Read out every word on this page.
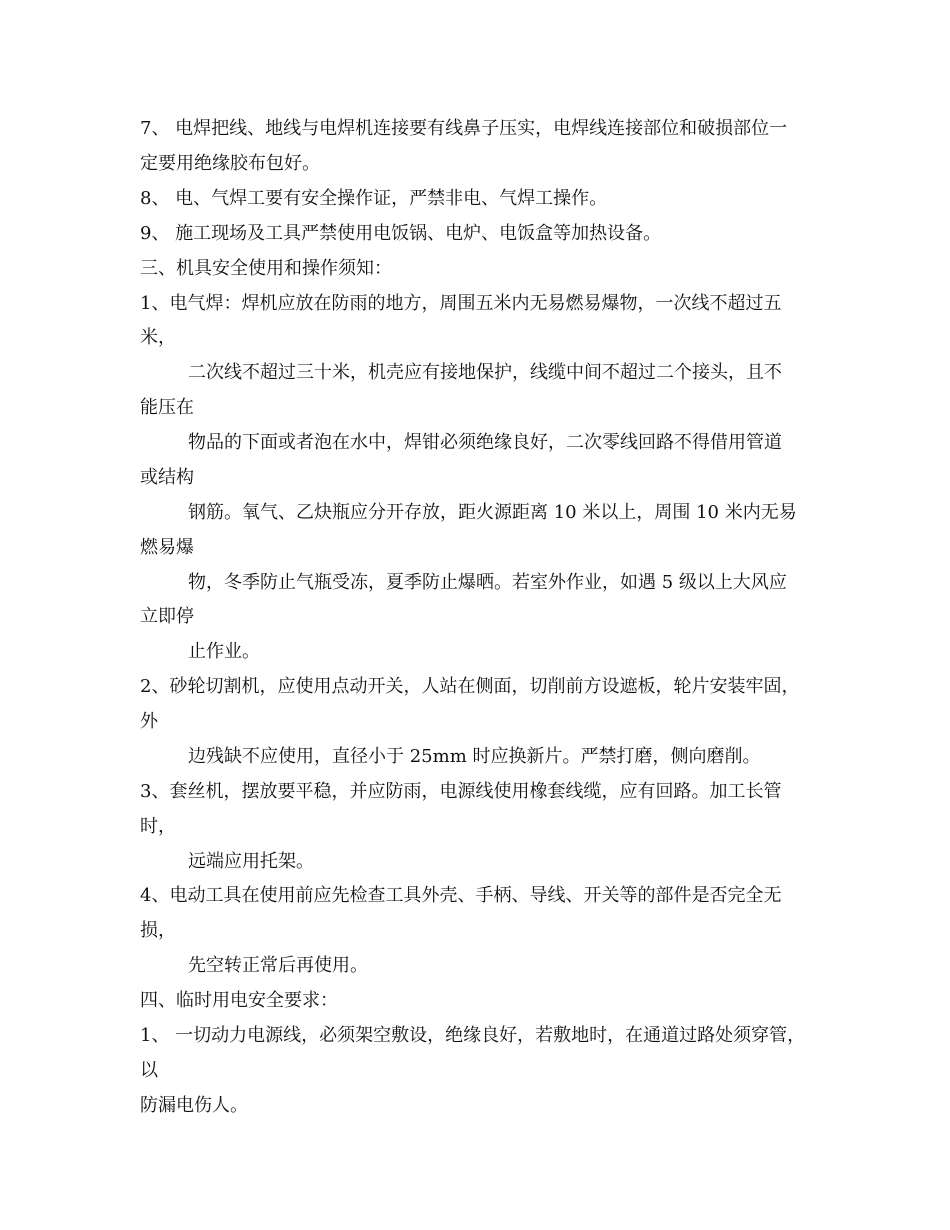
7、 电焊把线、地线与电焊机连接要有线鼻子压实，电焊线连接部位和破损部位一

定要用绝缘胶布包好。

8、 电、气焊工要有安全操作证，严禁非电、气焊工操作。

9、 施工现场及工具严禁使用电饭锅、电炉、电饭盒等加热设备。

三、机具安全使用和操作须知：

1、电气焊：焊机应放在防雨的地方，周围五米内无易燃易爆物，一次线不超过五

米，

二次线不超过三十米，机壳应有接地保护，线缆中间不超过二个接头，且不

能压在

物品的下面或者泡在水中，焊钳必须绝缘良好，二次零线回路不得借用管道

或结构

钢筋。氧气、乙炔瓶应分开存放，距火源距离 10 米以上，周围 10 米内无易

燃易爆

物，冬季防止气瓶受冻，夏季防止爆晒。若室外作业，如遇 5 级以上大风应

立即停

止作业。

2、砂轮切割机，应使用点动开关，人站在侧面，切削前方设遮板，轮片安装牢固，

外

边残缺不应使用，直径小于 25mm 时应换新片。严禁打磨，侧向磨削。

3、套丝机，摆放要平稳，并应防雨，电源线使用橡套线缆，应有回路。加工长管

时，

远端应用托架。

4、电动工具在使用前应先检查工具外壳、手柄、导线、开关等的部件是否完全无

损，

先空转正常后再使用。

四、临时用电安全要求：

1、 一切动力电源线，必须架空敷设，绝缘良好，若敷地时，在通道过路处须穿管，

以

防漏电伤人。
